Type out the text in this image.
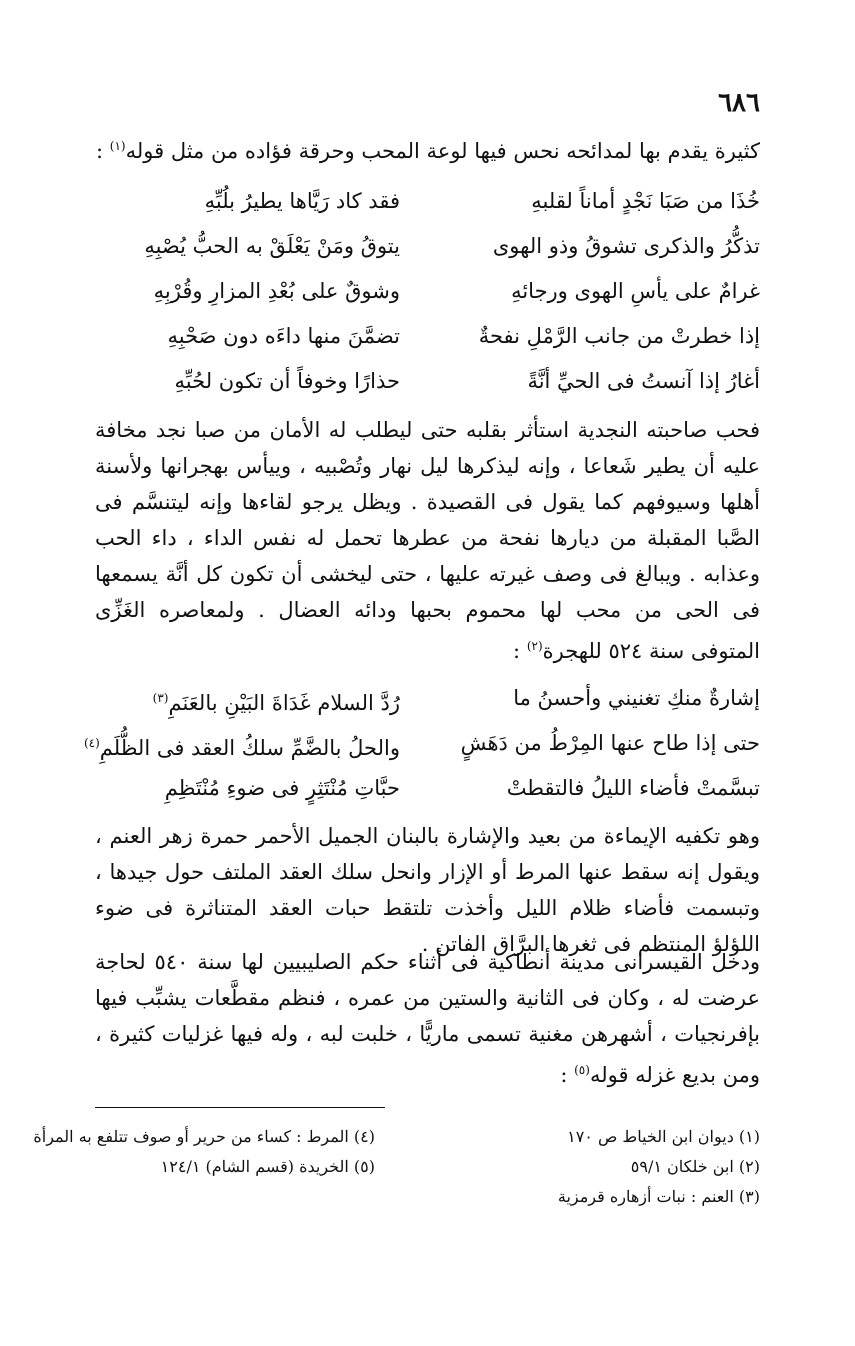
٦٨٦
كثيرة يقدم بها لمدائحه نحس فيها لوعة المحب وحرقة فؤاده من مثل قوله$^{(١)}$ :
خُذَا من صَبَا نَجْدٍ أماناً لقلبهِ
فقد كاد رَيَّاها يطيرُ بلُبِّهِ
تذكُّرُ والذكرى تشوقُ وذو الهوى
يتوقُ ومَنْ يَعْلَقْ به الحبُّ يُصْبِهِ
غرامٌ على يأسِ الهوى ورجائهِ
وشوقٌ على بُعْدِ المزارِ وقُرْبِهِ
إذا خطرتْ من جانب الرَّمْلِ نفحةٌ
تضمَّنَ منها داءَه دون صَحْبِهِ
أغارُ إذا آنستُ فى الحيِّ أنَّةً
حذارًا وخوفاً أن تكون لحُبِّهِ
فحب صاحبته النجدية استأثر بقلبه حتى ليطلب له الأمان من صبا نجد مخافة عليه أن يطير شَعاعا ، وإنه ليذكرها ليل نهار وتُصْبيه ، وييأس بهجرانها ولأسنة أهلها وسيوفهم كما يقول فى القصيدة . ويظل يرجو لقاءها وإنه ليتنسَّم فى الصَّبا المقبلة من ديارها نفحة من عطرها تحمل له نفس الداء ، داء الحب وعذابه . ويبالغ فى وصف غيرته عليها ، حتى ليخشى أن تكون كل أنَّة يسمعها فى الحى من محب لها محموم بحبها ودائه العضال . ولمعاصره الغَزِّى المتوفى سنة ٥٢٤ للهجرة$^{(٢)}$ :
إشارةٌ منكِ تغنيني وأحسنُ ما
رُدَّ السلام غَدَاةَ البَيْنِ بالعَنَمِ$^{(٣)}$
حتى إذا طاح عنها المِرْطُ من دَهَشٍ
والحلُ بالضَّمِّ سلكُ العقد فى الظُّلَمِ$^{(٤)}$
تبسَّمتْ فأضاء الليلُ فالتقطتْ
حبَّاتِ مُنْتَثِرٍ فى ضوءِ مُنْتَظِمِ
وهو تكفيه الإيماءة من بعيد والإشارة بالبنان الجميل الأحمر حمرة زهر العنم ، ويقول إنه سقط عنها المرط أو الإزار وانحل سلك العقد الملتف حول جيدها ، وتبسمت فأضاء ظلام الليل وأخذت تلتقط حبات العقد المتناثرة فى ضوء اللؤلؤ المنتظم فى ثغرها البرَّاق الفاتن .
ودخل القيسرانى مدينة أنطاكية فى أثناء حكم الصليبيين لها سنة ٥٤٠ لحاجة عرضت له ، وكان فى الثانية والستين من عمره ، فنظم مقطَّعات يشبِّب فيها بإفرنجيات ، أشهرهن مغنية تسمى ماريًّا ، خلبت لبه ، وله فيها غزليات كثيرة ، ومن بديع غزله قوله$^{(٥)}$ :
(١) ديوان ابن الخياط ص ١٧٠
(٢) ابن خلكان ٥٩/١
(٣) العنم : نبات أزهاره قرمزية
(٤) المرط : كساء من حرير أو صوف تتلفع به المرأة
(٥) الخريدة (قسم الشام) ١٢٤/١
